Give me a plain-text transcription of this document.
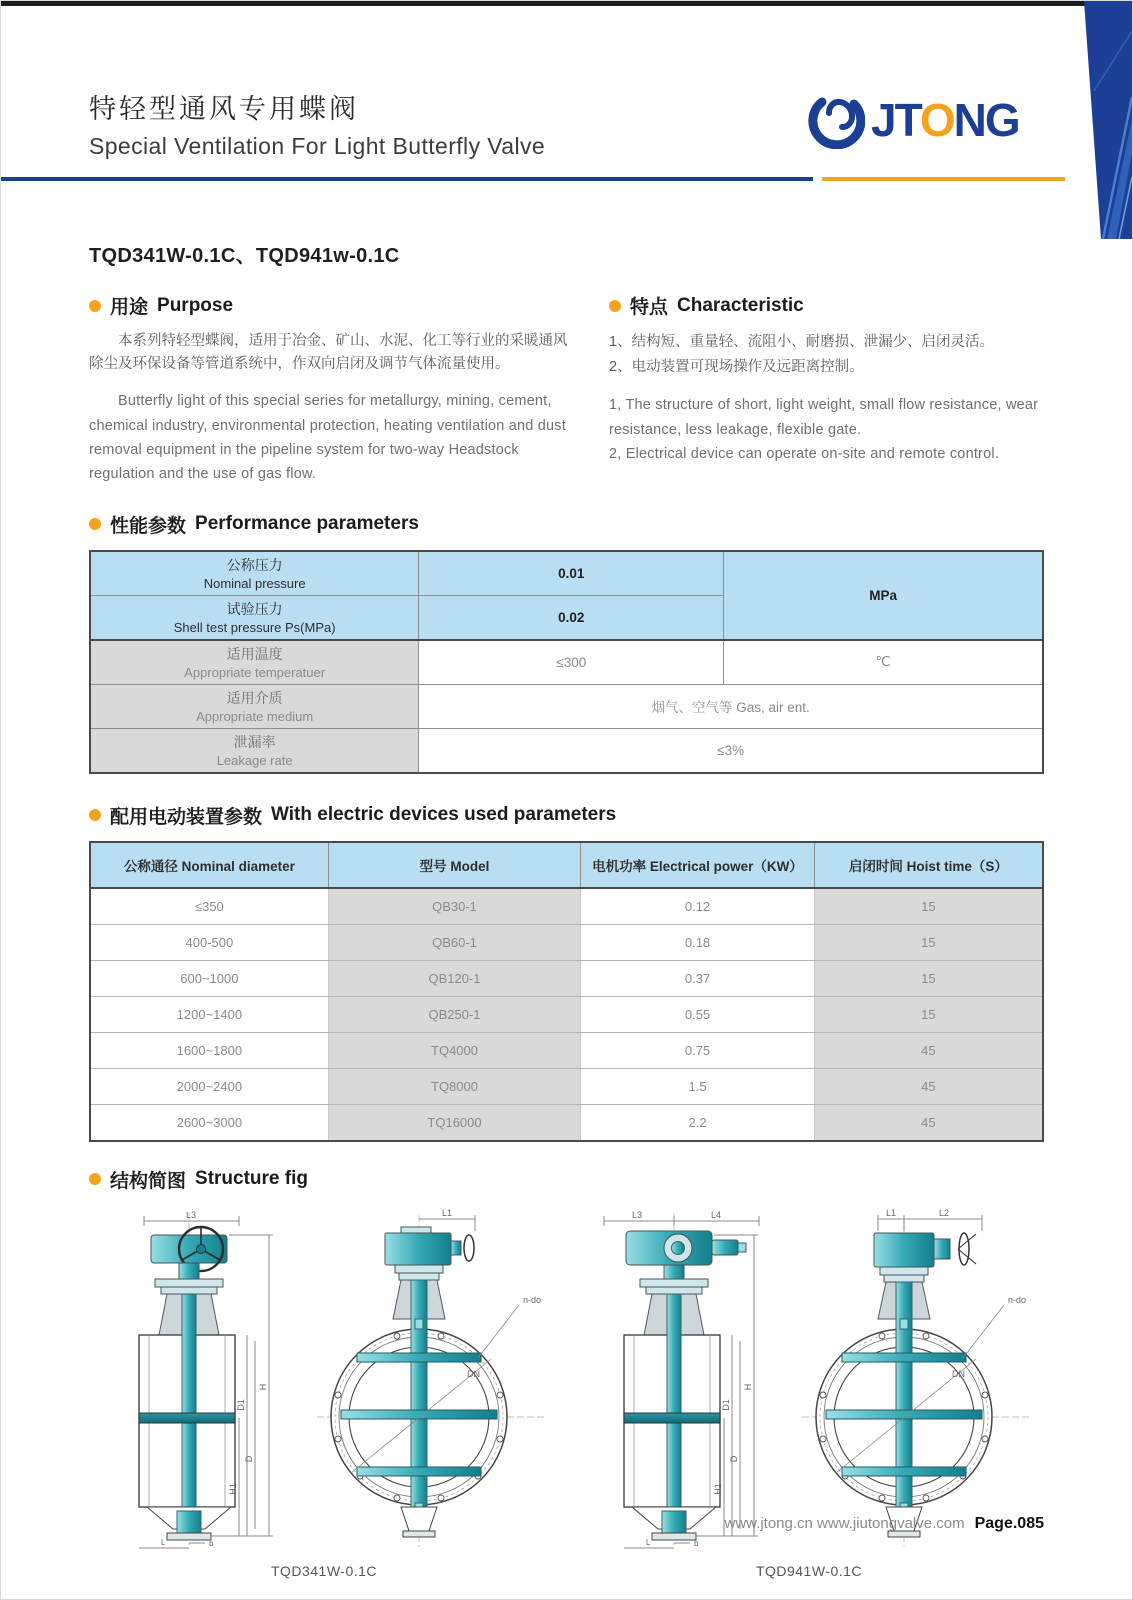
特轻型通风专用蝶阀
Special Ventilation For Light Butterfly Valve	JTONG
TQD341W-0.1C、TQD941w-0.1C
用途 Purpose
本系列特轻型蝶阀，适用于冶金、矿山、水泥、化工等行业的采暖通风除尘及环保设备等管道系统中，作双向启闭及调节气体流量使用。
Butterfly light of this special series for metallurgy, mining, cement, chemical industry, environmental protection, heating ventilation and dust removal equipment in the pipeline system for two-way Headstock regulation and the use of gas flow.
特点 Characteristic
1、结构短、重量轻、流阻小、耐磨损、泄漏少、启闭灵活。
2、电动装置可现场操作及远距离控制。
1, The structure of short, light weight, small flow resistance, wear resistance, less leakage, flexible gate.
2, Electrical device can operate on-site and remote control.
性能参数 Performance parameters
公称压力
Nominal pressure	0.01	MPa

试验压力
Shell test pressure Ps(MPa)	0.02	

适用温度
Appropriate temperatuer	≤300	℃

适用介质
Appropriate medium	烟气、空气等 Gas, air ent.	

泄漏率
Leakage rate	≤3%	
配用电动装置参数 With electric devices used parameters
公称通径 Nominal diameter	型号 Model	电机功率 Electrical power（KW）	启闭时间 Hoist time（S）
≤350	QB30-1	0.12	15
400-500	QB60-1	0.18	15
600~1000	QB120-1	0.37	15
1200~1400	QB250-1	0.55	15
1600~1800	TQ4000	0.75	45
2000~2400	TQ8000	1.5	45
2600~3000	TQ16000	2.2	45
结构简图 Structure fig
L3
H
D1
D
H1
b
L
L1
n-do
DN
TQD341W-0.1C
L3	L4
H
D1
D
H1
b
L
L1	L2
n-do
DN
TQD941W-0.1C
www.jtong.cn www.jiutongvalve.com Page.085
